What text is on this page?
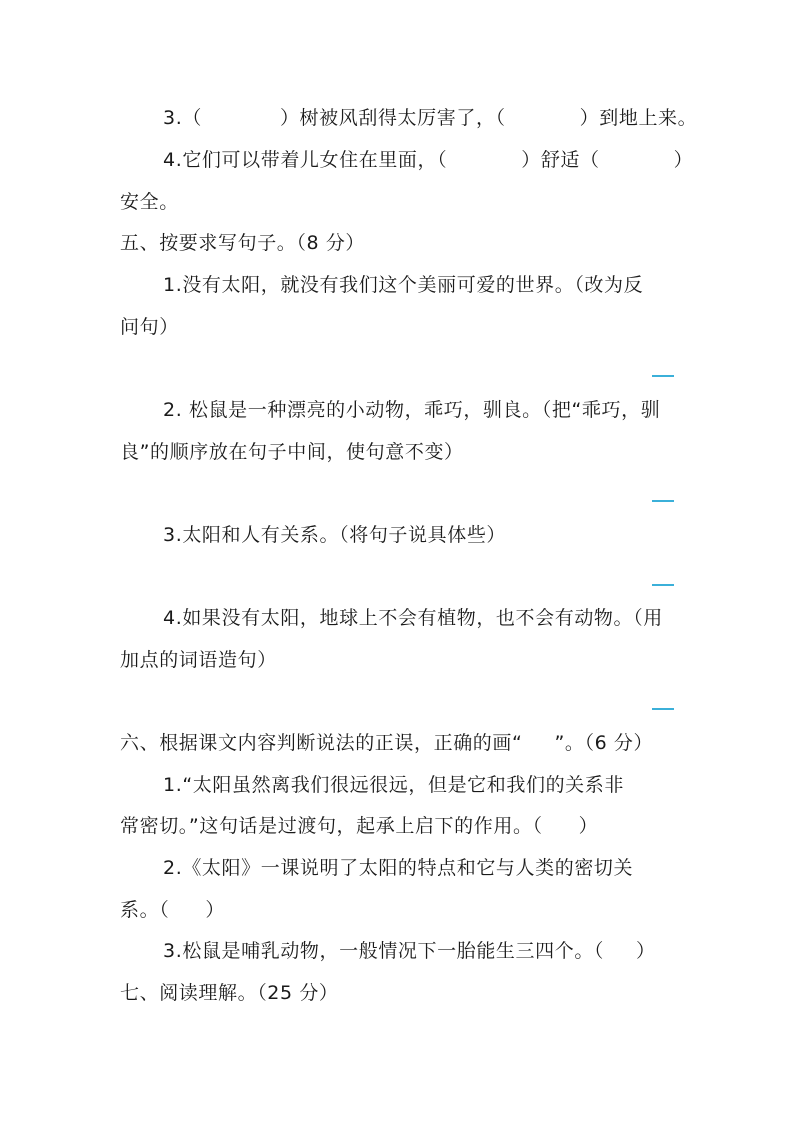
3.（	）树被风刮得太厉害了，（	）到地上来。
4.它们可以带着儿女住在里面，（	）舒适（	）
安全。
五、按要求写句子。（8 分）
1.没有太阳，就没有我们这个美丽可爱的世界。（改为反
问句）
2. 松鼠是一种漂亮的小动物，乖巧，驯良。（把“乖巧，驯
良”的顺序放在句子中间，使句意不变）
3.太阳和人有关系。（将句子说具体些）
4.如果没有太阳，地球上不会有植物，也不会有动物。（用
加点的词语造句）
六、根据课文内容判断说法的正误，正确的画“ ”。（6 分）
1.“太阳虽然离我们很远很远，但是它和我们的关系非
常密切。”这句话是过渡句，起承上启下的作用。（ ）
2.《太阳》一课说明了太阳的特点和它与人类的密切关
系。（ ）
3.松鼠是哺乳动物，一般情况下一胎能生三四个。（ ）
七、阅读理解。（25 分）
